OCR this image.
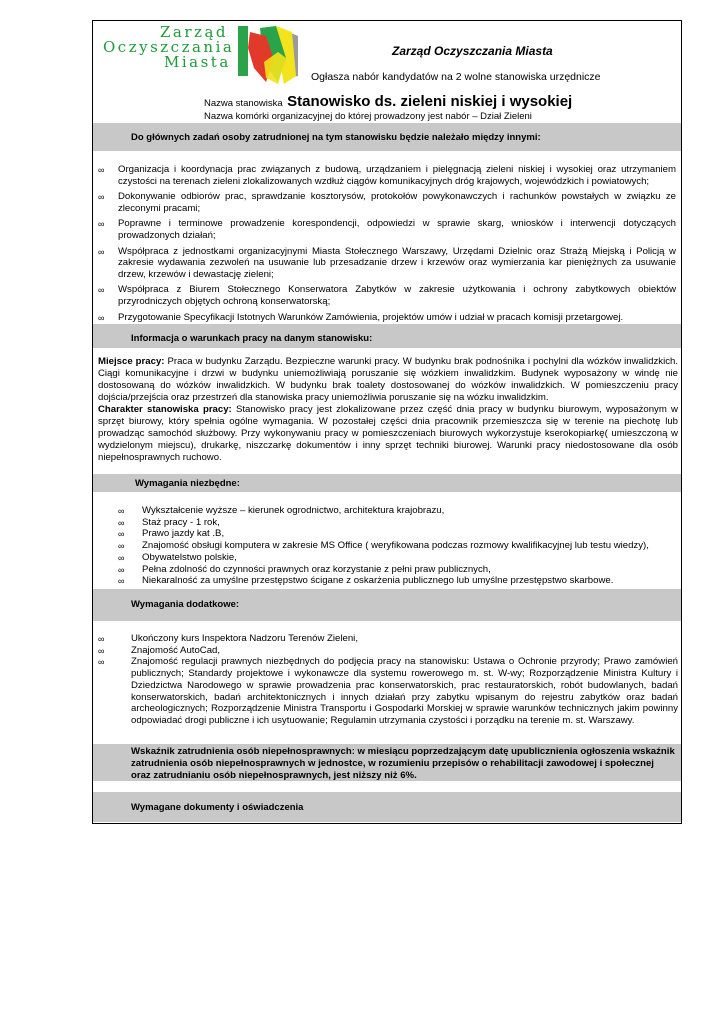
Zarząd
Oczyszczania
Miasta
Zarząd Oczyszczania Miasta
Ogłasza nabór kandydatów na 2 wolne stanowiska urzędnicze
Nazwa stanowiska Stanowisko ds. zieleni niskiej i wysokiej
Nazwa komórki organizacyjnej do której prowadzony jest nabór – Dział Zieleni
Do głównych zadań osoby zatrudnionej na tym stanowisku będzie należało między innymi:
∞ Organizacja i koordynacja prac związanych z budową, urządzaniem i pielęgnacją zieleni niskiej i wysokiej oraz utrzymaniem czystości na terenach zieleni zlokalizowanych wzdłuż ciągów komunikacyjnych dróg krajowych, wojewódzkich i powiatowych;
∞ Dokonywanie odbiorów prac, sprawdzanie kosztorysów, protokołów powykonawczych i rachunków powstałych w związku ze zleconymi pracami;
∞ Poprawne i terminowe prowadzenie korespondencji, odpowiedzi w sprawie skarg, wniosków i interwencji dotyczących prowadzonych działań;
∞ Współpraca z jednostkami organizacyjnymi Miasta Stołecznego Warszawy, Urzędami Dzielnic oraz Strażą Miejską i Policją w zakresie wydawania zezwoleń na usuwanie lub przesadzanie drzew i krzewów oraz wymierzania kar pieniężnych za usuwanie drzew, krzewów i dewastację zieleni;
∞ Współpraca z Biurem Stołecznego Konserwatora Zabytków w zakresie użytkowania i ochrony zabytkowych obiektów przyrodniczych objętych ochroną konserwatorską;
∞ Przygotowanie Specyfikacji Istotnych Warunków Zamówienia, projektów umów i udział w pracach komisji przetargowej.
Informacja o warunkach pracy na danym stanowisku:

Miejsce pracy: Praca w budynku Zarządu. Bezpieczne warunki pracy. W budynku brak podnośnika i pochylni dla wózków inwalidzkich. Ciągi komunikacyjne i drzwi w budynku uniemożliwiają poruszanie się wózkiem inwalidzkim. Budynek wyposażony w windę nie dostosowaną do wózków inwalidzkich. W budynku brak toalety dostosowanej do wózków inwalidzkich. W pomieszczeniu pracy dojścia/przejścia oraz przestrzeń dla stanowiska pracy uniemożliwia poruszanie się na wózku inwalidzkim.

Charakter stanowiska pracy: Stanowisko pracy jest zlokalizowane przez część dnia pracy w budynku biurowym, wyposażonym w sprzęt biurowy, który spełnia ogólne wymagania. W pozostałej części dnia pracownik przemieszcza się w terenie na piechotę lub prowadząc samochód służbowy. Przy wykonywaniu pracy w pomieszczeniach biurowych wykorzystuje kserokopiarkę( umieszczoną w wydzielonym miejscu), drukarkę, niszczarkę dokumentów i inny sprzęt techniki biurowej. Warunki pracy niedostosowane dla osób niepełnosprawnych ruchowo.

Wymagania niezbędne:
∞ Wykształcenie wyższe – kierunek ogrodnictwo, architektura krajobrazu,
∞ Staż pracy - 1 rok,
∞ Prawo jazdy kat .B,
∞ Znajomość obsługi komputera w zakresie MS Office ( weryfikowana podczas rozmowy kwalifikacyjnej lub testu wiedzy),
∞ Obywatelstwo polskie,
∞ Pełna zdolność do czynności prawnych oraz korzystanie z pełni praw publicznych,
∞ Niekaralność za umyślne przestępstwo ścigane z oskarżenia publicznego lub umyślne przestępstwo skarbowe.
Wymagania dodatkowe:
∞	Ukończony kurs Inspektora Nadzoru Terenów Zieleni,
∞	Znajomość AutoCad,
∞	Znajomość regulacji prawnych niezbędnych do podjęcia pracy na stanowisku: Ustawa o Ochronie przyrody; Prawo zamówień publicznych; Standardy projektowe i wykonawcze dla systemu rowerowego m. st. W-wy; Rozporządzenie Ministra Kultury i Dziedzictwa Narodowego w sprawie prowadzenia prac konserwatorskich, prac restauratorskich, robót budowlanych, badań konserwatorskich, badań architektonicznych i innych działań przy zabytku wpisanym do rejestru zabytków oraz badań archeologicznych; Rozporządzenie Ministra Transportu i Gospodarki Morskiej w sprawie warunków technicznych jakim powinny odpowiadać drogi publiczne i ich usytuowanie; Regulamin utrzymania czystości i porządku na terenie m. st. Warszawy.
Wskaźnik zatrudnienia osób niepełnosprawnych: w miesiącu poprzedzającym datę upublicznienia ogłoszenia wskaźnik zatrudnienia osób niepełnosprawnych w jednostce, w rozumieniu przepisów o rehabilitacji zawodowej i społecznej oraz zatrudnianiu osób niepełnosprawnych, jest niższy niż 6%.
Wymagane dokumenty i oświadczenia
